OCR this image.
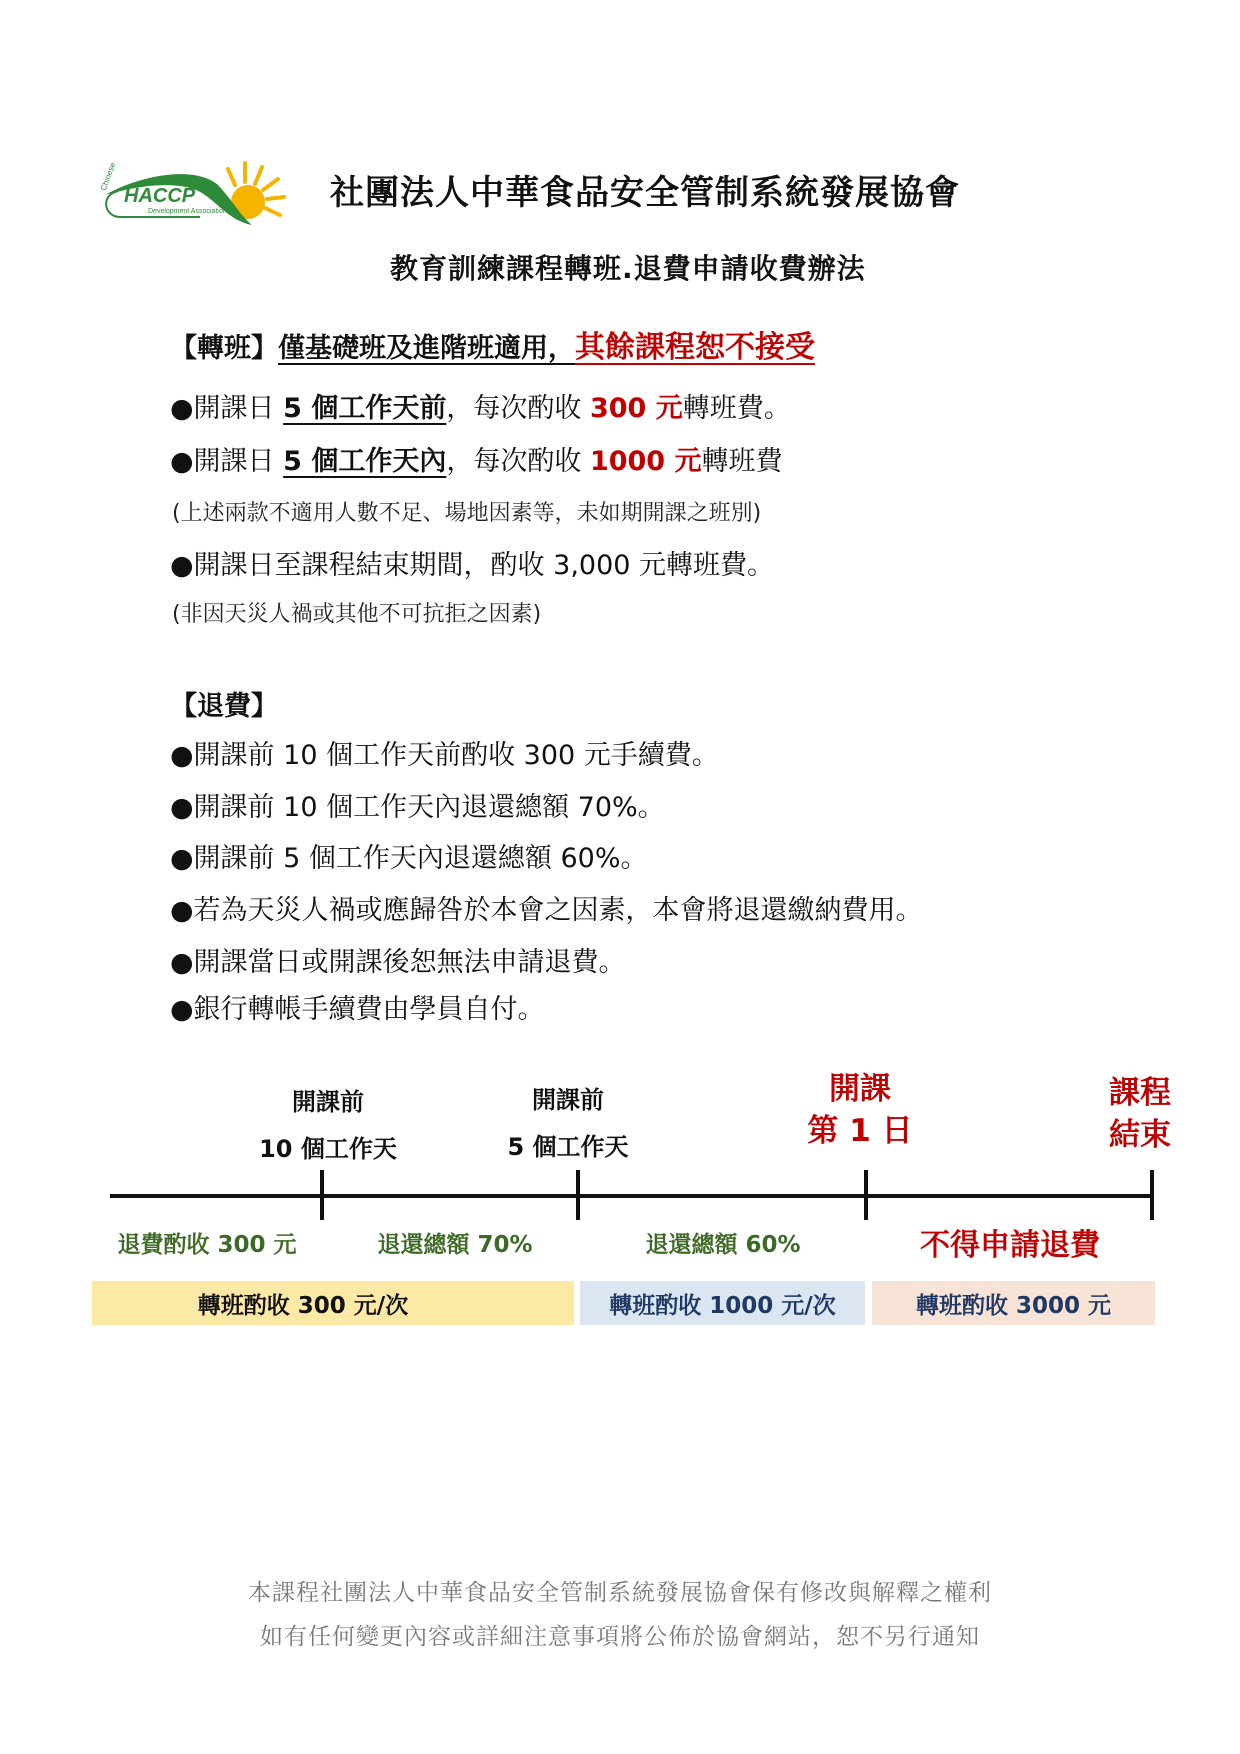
Chinese
HACCP
Development Association	社團法人中華食品安全管制系統發展協會
教育訓練課程轉班.退費申請收費辦法
【轉班】僅基礎班及進階班適用，其餘課程恕不接受
●開課日 5 個工作天前，每次酌收 300 元轉班費。
●開課日 5 個工作天內，每次酌收 1000 元轉班費
(上述兩款不適用人數不足、場地因素等，未如期開課之班別)
●開課日至課程結束期間，酌收 3,000 元轉班費。
(非因天災人禍或其他不可抗拒之因素)
【退費】
●開課前 10 個工作天前酌收 300 元手續費。
●開課前 10 個工作天內退還總額 70%。
●開課前 5 個工作天內退還總額 60%。
●若為天災人禍或應歸咎於本會之因素，本會將退還繳納費用。
●開課當日或開課後恕無法申請退費。
●銀行轉帳手續費由學員自付。
開課前
10 個工作天
開課前
5 個工作天
開課
第 1 日
課程
結束
退費酌收 300 元	退還總額 70%	退還總額 60%	不得申請退費
轉班酌收 300 元/次	轉班酌收 1000 元/次	轉班酌收 3000 元
本課程社團法人中華食品安全管制系統發展協會保有修改與解釋之權利
如有任何變更內容或詳細注意事項將公佈於協會網站，恕不另行通知
